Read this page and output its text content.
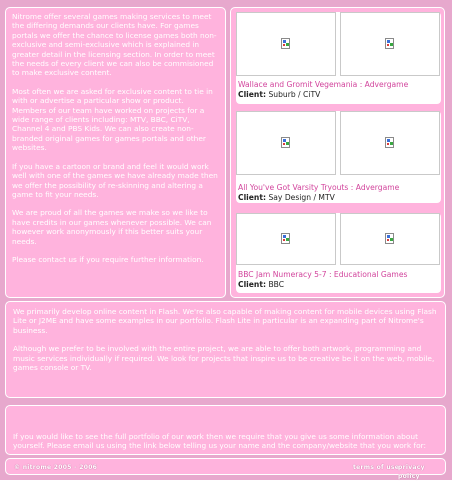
Nitrome offer several games making services to meet the differing demands our clients have. For games portals we offer the chance to license games both non-exclusive and semi-exclusive which is explained in greater detail in the licensing section. In order to meet the needs of every client we can also be commisioned to make exclusive content.

Most often we are asked for exclusive content to tie in with or advertise a particular show or product. Members of our team have worked on projects for a wide range of clients including: MTV, BBC, CiTV, Channel 4 and PBS Kids. We can also create non-branded original games for games portals and other websites.

If you have a cartoon or brand and feel it would work well with one of the games we have already made then we offer the possibility of re-skinning and altering a game to fit your needs.

We are proud of all the games we make so we like to have credits in our games whenever possible. We can however work anonymously if this better suits your needs.

Please contact us if you require further information.

Wallace and Gromit Vegemania : Advergame
Client: Suburb / CiTV
All You've Got Varsity Tryouts : Advergame
Client: Say Design / MTV
BBC Jam Numeracy 5-7 : Educational Games
Client: BBC

We primarily develop online content in Flash. We're also capable of making content for mobile devices using Flash Lite or J2ME and have some examples in our portfolio. Flash Lite in particular is an expanding part of Nitrome's business.

Although we prefer to be involved with the entire project, we are able to offer both artwork, programming and music services individually if required. We look for projects that inspire us to be creative be it on the web, mobile, games console or TV.

If you would like to see the full portfolio of our work then we require that you give us some information about yourself. Please email us using the link below telling us your name and the company/website that you work for:
© nitrome 2005 - 2006	terms of use
privacy policy
